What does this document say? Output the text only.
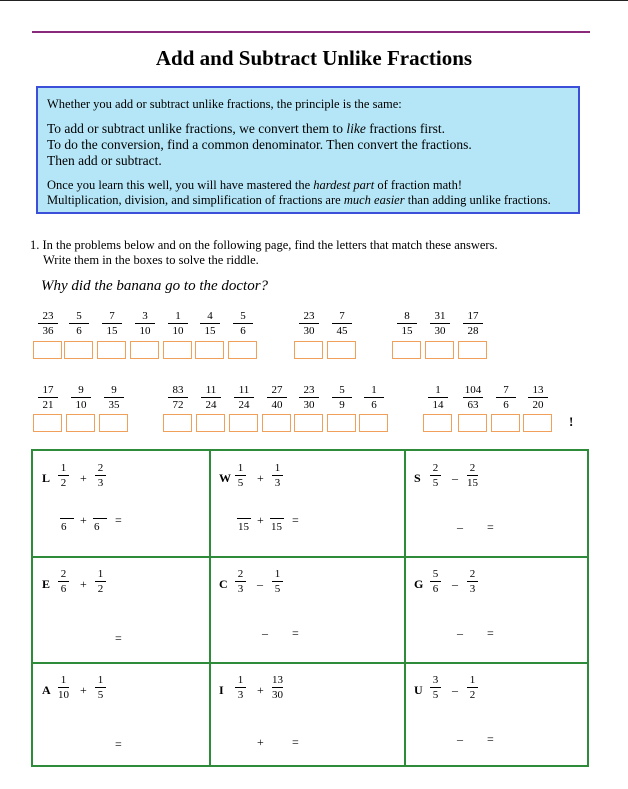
Add and Subtract Unlike Fractions
Whether you add or subtract unlike fractions, the principle is the same:
To add or subtract unlike fractions, we convert them to like fractions first.
To do the conversion, find a common denominator. Then convert the fractions.
Then add or subtract.
Once you learn this well, you will have mastered the hardest part of fraction math!
Multiplication, division, and simplification of fractions are much easier than adding unlike fractions.
1. In the problems below and on the following page, find the letters that match these answers.
Write them in the boxes to solve the riddle.
Why did the banana go to the doctor?
23
36
5
6
7
15
3
10
1
10
4
15
5
6
23
30
7
45
8
15
31
30
17
28
17
21
9
10
9
35
83
72
11
24
11
24
27
40
23
30
5
9
1
6
1
14
104
63
7
6
13
20
!
L
1
2 +
2
3
6 + 6 =
W
1
5 +
1
3
15 + 15 =
S
2
5 –
2
15
– =
E
2
6 +
1
2
=
C
2
3 –
1
5
– =
G
5
6 –
2
3
– =
A
1
10 +
1
5
=
I
1
3 +
13
30
+ =
U
3
5 –
1
2
– =
